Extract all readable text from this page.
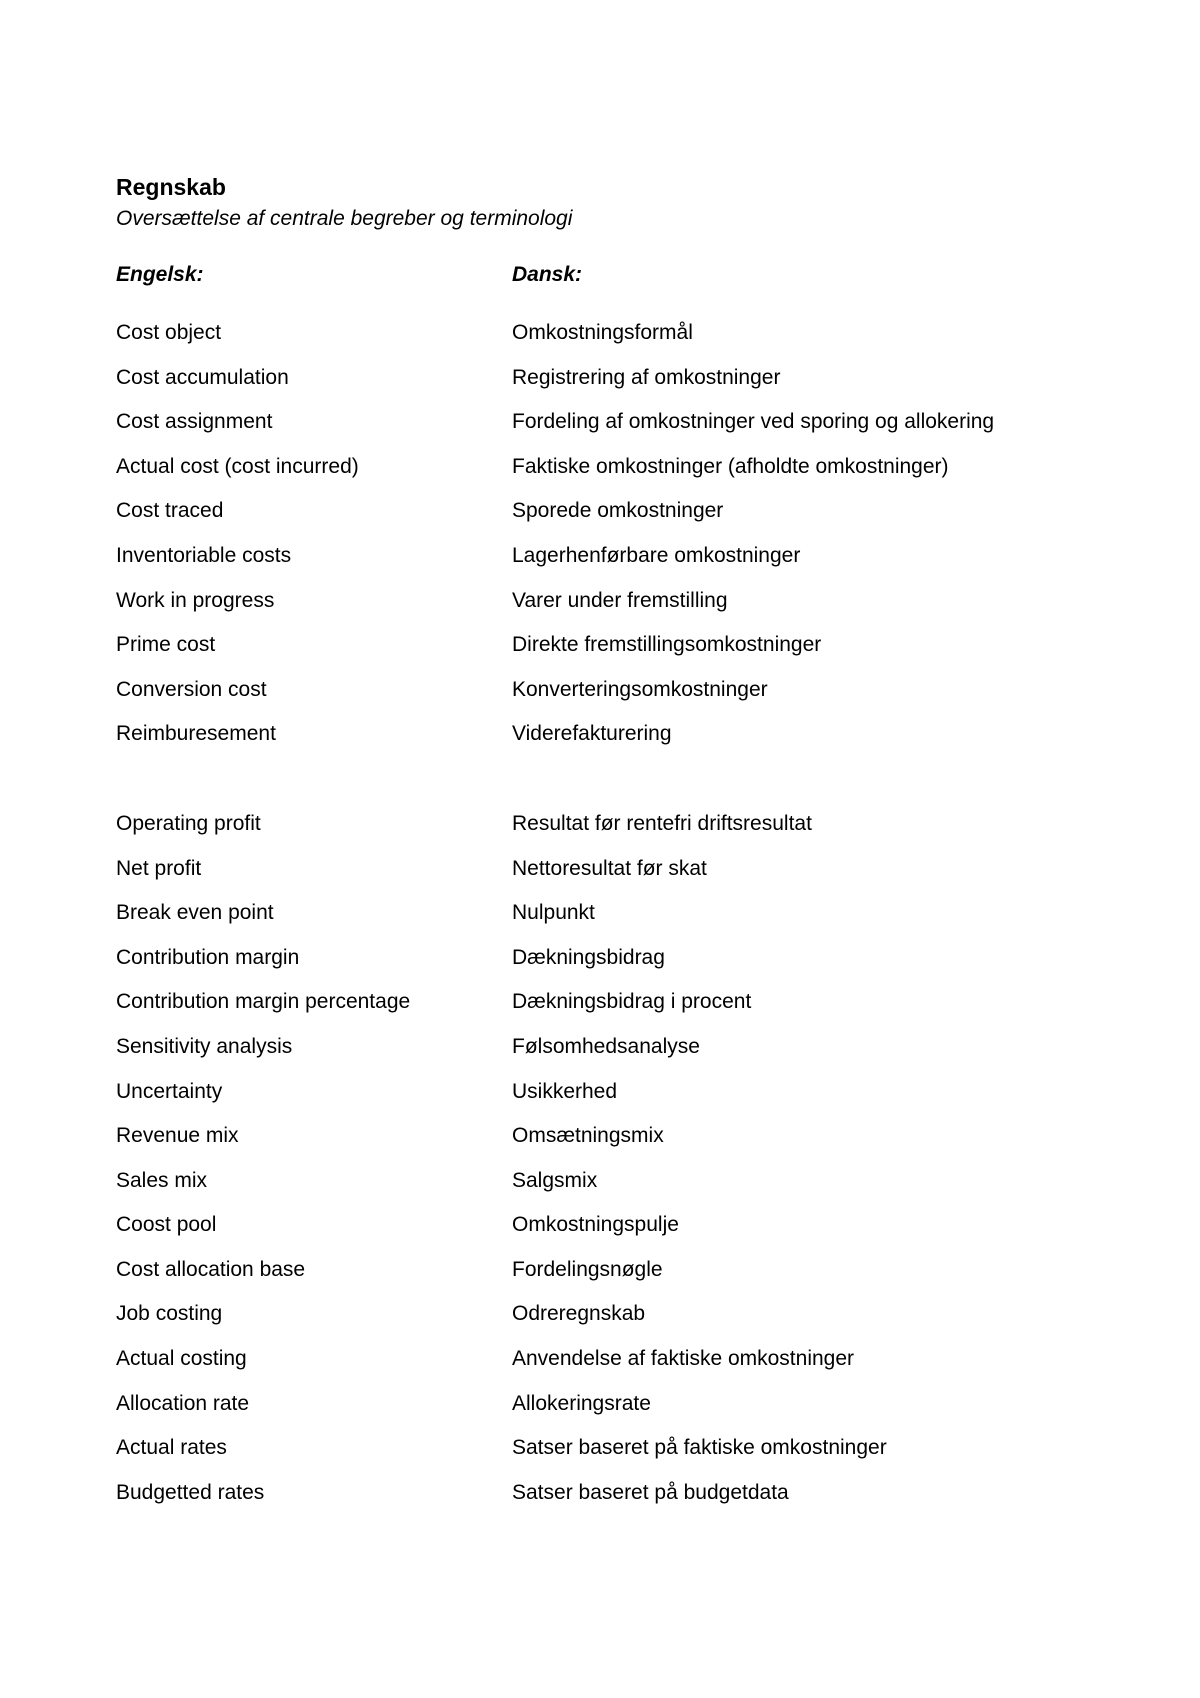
Regnskab

Oversættelse af centrale begreber og terminologi

Engelsk:	Dansk:
Cost object	Omkostningsformål
Cost accumulation	Registrering af omkostninger
Cost assignment	Fordeling af omkostninger ved sporing og allokering
Actual cost (cost incurred)	Faktiske omkostninger (afholdte omkostninger)
Cost traced	Sporede omkostninger
Inventoriable costs	Lagerhenførbare omkostninger
Work in progress	Varer under fremstilling
Prime cost	Direkte fremstillingsomkostninger
Conversion cost	Konverteringsomkostninger
Reimburesement	Viderefakturering
Operating profit	Resultat før rentefri driftsresultat
Net profit	Nettoresultat før skat
Break even point	Nulpunkt
Contribution margin	Dækningsbidrag
Contribution margin percentage	Dækningsbidrag i procent
Sensitivity analysis	Følsomhedsanalyse
Uncertainty	Usikkerhed
Revenue mix	Omsætningsmix
Sales mix	Salgsmix
Coost pool	Omkostningspulje
Cost allocation base	Fordelingsnøgle
Job costing	Odreregnskab
Actual costing	Anvendelse af faktiske omkostninger
Allocation rate	Allokeringsrate
Actual rates	Satser baseret på faktiske omkostninger
Budgetted rates	Satser baseret på budgetdata
